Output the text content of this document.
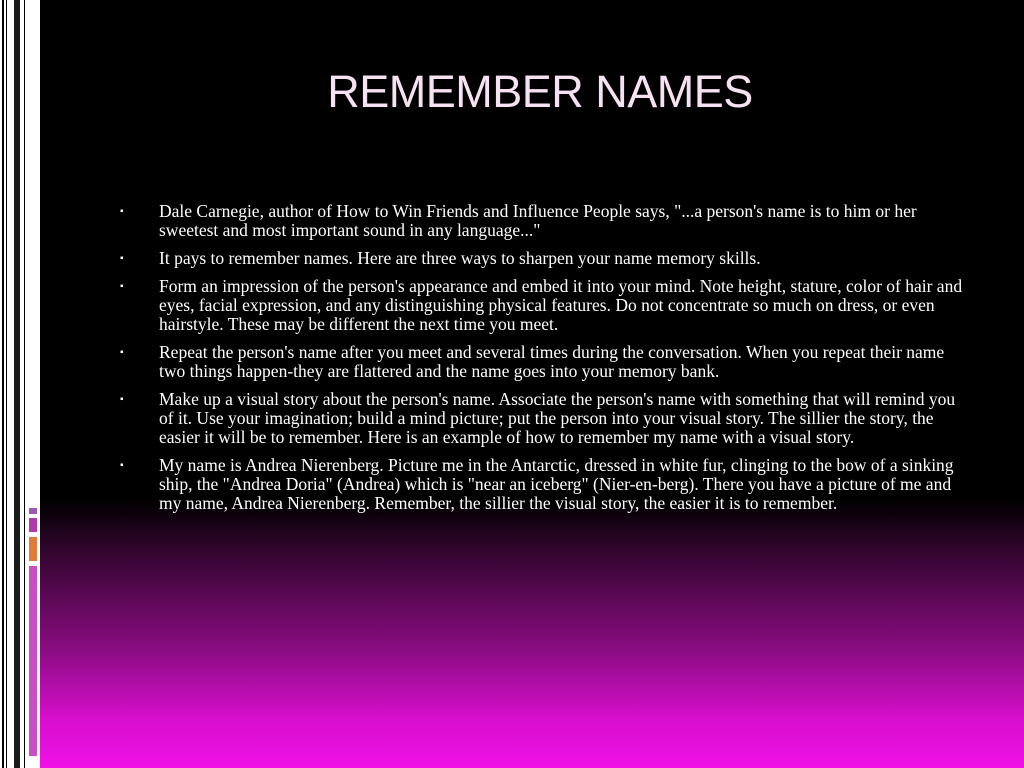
REMEMBER NAMES
▪	Dale Carnegie, author of How to Win Friends and Influence People says, "...a person's name is to him or her sweetest and most important sound in any language..."
▪	It pays to remember names. Here are three ways to sharpen your name memory skills.
▪	Form an impression of the person's appearance and embed it into your mind. Note height, stature, color of hair and eyes, facial expression, and any distinguishing physical features. Do not concentrate so much on dress, or even hairstyle. These may be different the next time you meet.
▪	Repeat the person's name after you meet and several times during the conversation. When you repeat their name two things happen-they are flattered and the name goes into your memory bank.
▪	Make up a visual story about the person's name. Associate the person's name with something that will remind you of it. Use your imagination; build a mind picture; put the person into your visual story. The sillier the story, the easier it will be to remember. Here is an example of how to remember my name with a visual story.
▪	My name is Andrea Nierenberg. Picture me in the Antarctic, dressed in white fur, clinging to the bow of a sinking ship, the "Andrea Doria" (Andrea) which is "near an iceberg" (Nier-en-berg). There you have a picture of me and my name, Andrea Nierenberg. Remember, the sillier the visual story, the easier it is to remember.
